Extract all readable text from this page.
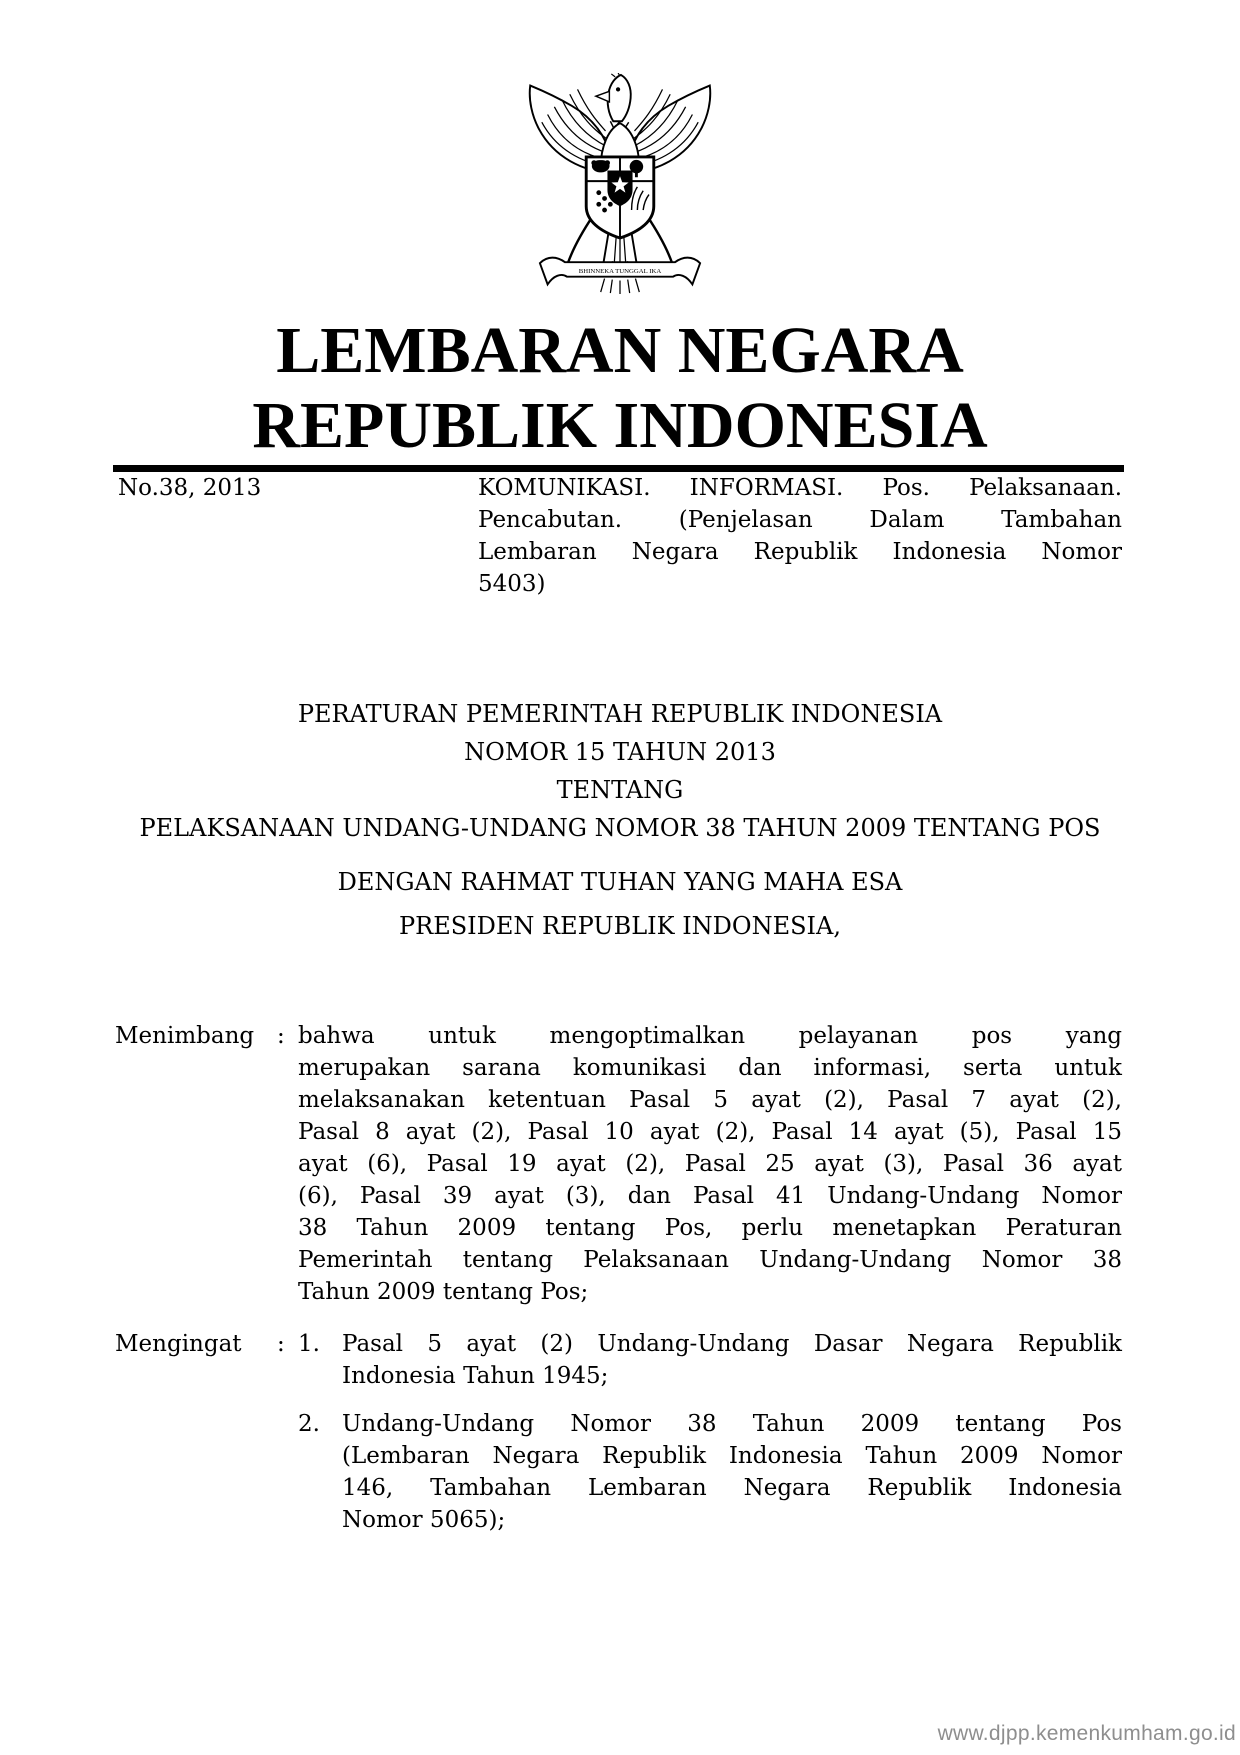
BHINNEKA TUNGGAL IKA
LEMBARAN NEGARA
REPUBLIK INDONESIA
No.38, 2013	KOMUNIKASI. INFORMASI. Pos. Pelaksanaan.
Pencabutan. (Penjelasan Dalam Tambahan
Lembaran Negara Republik Indonesia Nomor
5403)
PERATURAN PEMERINTAH REPUBLIK INDONESIA
NOMOR 15 TAHUN 2013
TENTANG
PELAKSANAAN UNDANG-UNDANG NOMOR 38 TAHUN 2009 TENTANG POS
DENGAN RAHMAT TUHAN YANG MAHA ESA
PRESIDEN REPUBLIK INDONESIA,
Menimbang : bahwa untuk mengoptimalkan pelayanan pos yang
merupakan sarana komunikasi dan informasi, serta untuk
melaksanakan ketentuan Pasal 5 ayat (2), Pasal 7 ayat (2),
Pasal 8 ayat (2), Pasal 10 ayat (2), Pasal 14 ayat (5), Pasal 15
ayat (6), Pasal 19 ayat (2), Pasal 25 ayat (3), Pasal 36 ayat
(6), Pasal 39 ayat (3), dan Pasal 41 Undang-Undang Nomor
38 Tahun 2009 tentang Pos, perlu menetapkan Peraturan
Pemerintah tentang Pelaksanaan Undang-Undang Nomor 38
Tahun 2009 tentang Pos;
Mengingat : 1. Pasal 5 ayat (2) Undang-Undang Dasar Negara Republik
Indonesia Tahun 1945;
2. Undang-Undang Nomor 38 Tahun 2009 tentang Pos
(Lembaran Negara Republik Indonesia Tahun 2009 Nomor
146, Tambahan Lembaran Negara Republik Indonesia
Nomor 5065);
www.djpp.kemenkumham.go.id
